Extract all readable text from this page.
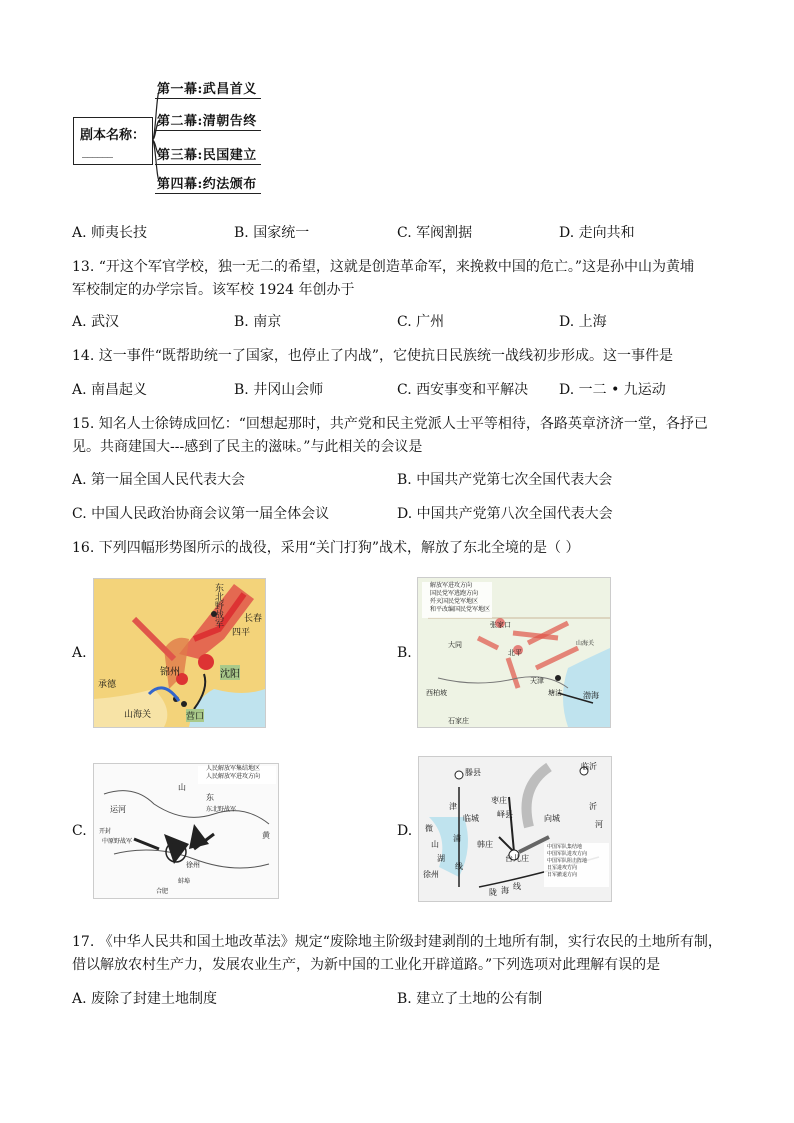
剧本名称：
______
第一幕:武昌首义
第二幕:清朝告终
第三幕:民国建立
第四幕:约法颁布
A. 师夷长技	B. 国家统一	C. 军阀割据	D. 走向共和
13. “开这个军官学校，独一无二的希望，这就是创造革命军，来挽救中国的危亡。”这是孙中山为黄埔
军校制定的办学宗旨。该军校 1924 年创办于
A. 武汉	B. 南京	C. 广州	D. 上海
14. 这一事件“既帮助统一了国家，也停止了内战”，它使抗日民族统一战线初步形成。这一事件是
A. 南昌起义	B. 井冈山会师	C. 西安事变和平解决 D. 一二 • 九运动
15. 知名人士徐铸成回忆：“回想起那时，共产党和民主党派人士平等相待，各路英章济济一堂，各抒已
见。共商建国大---感到了民主的滋味。”与此相关的会议是
A. 第一届全国人民代表大会	B. 中国共产党第七次全国代表大会
C. 中国人民政治协商会议第一届全体会议	D. 中国共产党第八次全国代表大会
16. 下列四幅形势图所示的战役，采用“关门打狗”战术，解放了东北全境的是（ ）
A.	B.
C.	D.
东北野战军 长春
四平
锦州	沈阳
承德
山海关	营口
解放军进攻方向
国民党军逃跑方向
歼灭国民党军地区
和平改编国民党军地区
张家口
北平
大同
天津
塘沽
西柏坡
石家庄
渤海
山海关
人民解放军集结地区
人民解放军进攻方向
东北野战军
开封
中原野战军
徐州
蚌埠
合肥
山
东
运河
黄
临沂
滕县
枣庄
峄县	向城
临城
韩庄
台儿庄
微
山
湖
津
浦
线
徐州
陇 海 线
沂
河
中国军队集结地
中国军队进攻方向
中国军队阻击阵地
日军进攻方向
日军撤退方向
17. 《中华人民共和国土地改革法》规定“废除地主阶级封建剥削的土地所有制，实行农民的土地所有制，
借以解放农村生产力，发展农业生产，为新中国的工业化开辟道路。”下列选项对此理解有误的是
A. 废除了封建土地制度	B. 建立了土地的公有制
